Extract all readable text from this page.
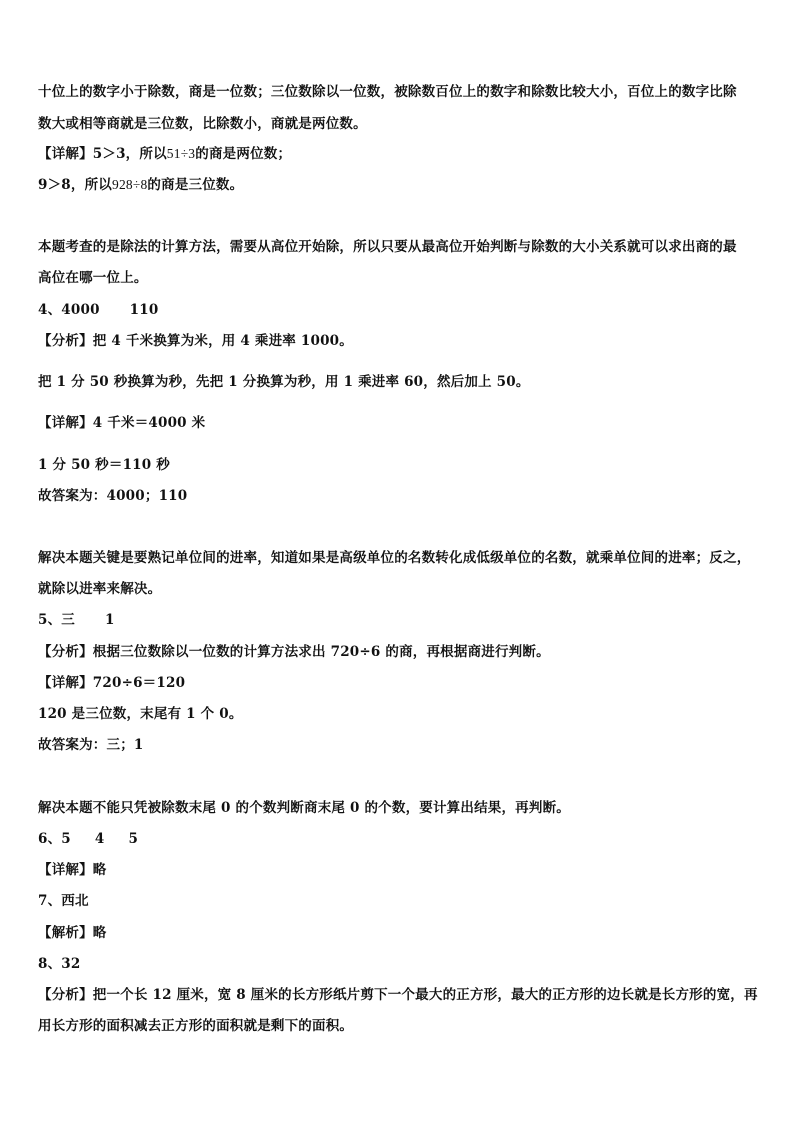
十位上的数字小于除数，商是一位数；三位数除以一位数，被除数百位上的数字和除数比较大小，百位上的数字比除
数大或相等商就是三位数，比除数小，商就是两位数。
【详解】5＞3，所以51÷3的商是两位数；
9＞8，所以928÷8的商是三位数。
本题考查的是除法的计算方法，需要从高位开始除，所以只要从最高位开始判断与除数的大小关系就可以求出商的最
高位在哪一位上。
4、4000 110
【分析】把 4 千米换算为米，用 4 乘进率 1000。
把 1 分 50 秒换算为秒，先把 1 分换算为秒，用 1 乘进率 60，然后加上 50。
【详解】4 千米＝4000 米
1 分 50 秒＝110 秒
故答案为：4000；110
解决本题关键是要熟记单位间的进率，知道如果是高级单位的名数转化成低级单位的名数，就乘单位间的进率；反之，
就除以进率来解决。
5、三 1
【分析】根据三位数除以一位数的计算方法求出 720÷6 的商，再根据商进行判断。
【详解】720÷6＝120
120 是三位数，末尾有 1 个 0。
故答案为：三；1
解决本题不能只凭被除数末尾 0 的个数判断商末尾 0 的个数，要计算出结果，再判断。
6、5 4 5
【详解】略
7、西北
【解析】略
8、32
【分析】把一个长 12 厘米，宽 8 厘米的长方形纸片剪下一个最大的正方形，最大的正方形的边长就是长方形的宽，再
用长方形的面积减去正方形的面积就是剩下的面积。
